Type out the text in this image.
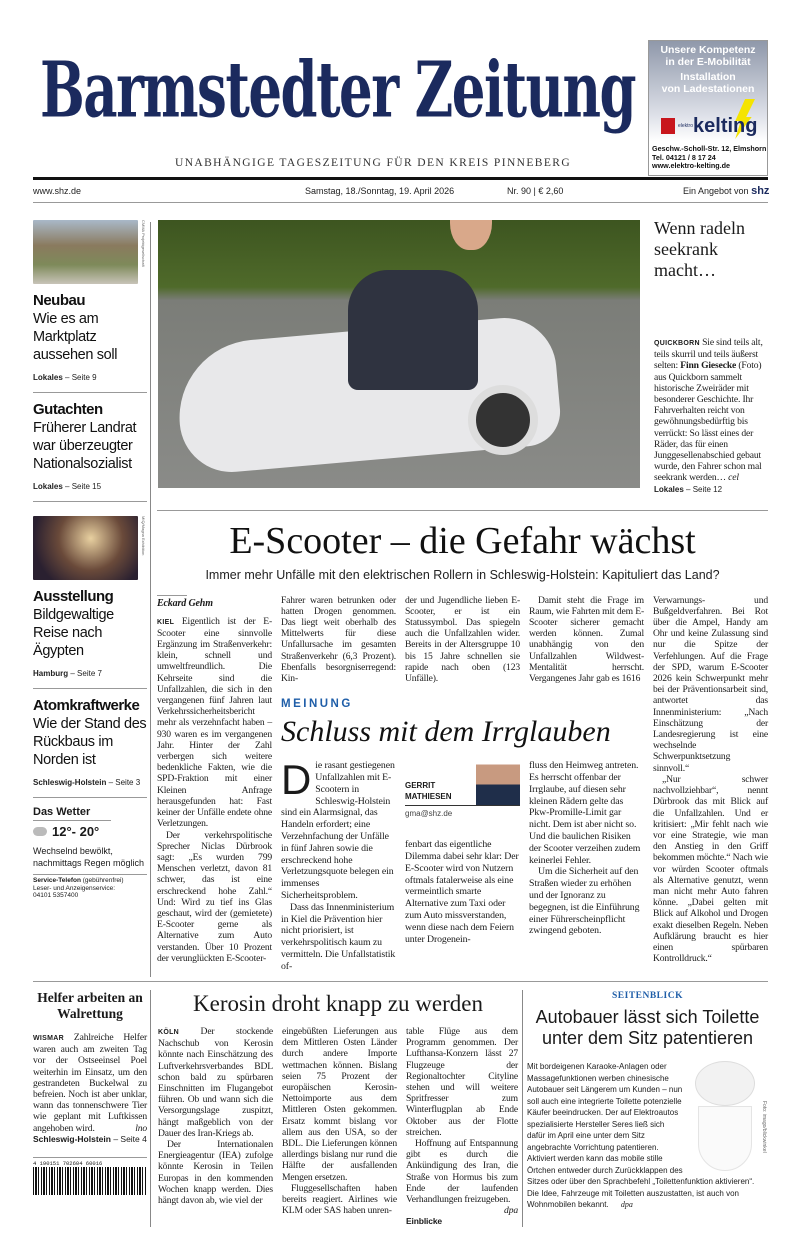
Barmstedter Zeitung
UNABHÄNGIGE TAGESZEITUNG FÜR DEN KREIS PINNEBERG
Unsere Kompetenz
in der E-Mobilität
Installation
von Ladestationen
$^{elektro}$kelting
Geschw.-Scholl-Str. 12, Elmshorn
Tel. 04121 / 8 17 24
www.elektro-kelting.de
www.shz.de	Samstag, 18./Sonntag, 19. April 2026	Nr. 90 | € 2,60	Ein Angebot von shz
CMMA Projektgesellschaft
Neubau
Wie es am Marktplatz aussehen soll
Lokales – Seite 9
Gutachten
Früherer Landrat war überzeugter Nationalsozialist
Lokales – Seite 15
MIQ/Magna Exhibition
Ausstellung
Bildgewaltige Reise nach Ägypten
Hamburg – Seite 7
Atomkraftwerke
Wie der Stand des Rückbaus im Norden ist
Schleswig-Holstein – Seite 3
Das Wetter
12°- 20°
Wechselnd bewölkt, nachmittags Regen möglich
Service-Telefon (gebührenfrei)
Leser- und Anzeigenservice:
04101 5357400
Wenn radeln seekrank macht…
QUICKBORN Sie sind teils alt, teils skurril und teils äußerst selten: Finn Giesecke (Foto) aus Quickborn sammelt historische Zweiräder mit besonderer Geschichte. Ihr Fahrverhalten reicht von gewöhnungsbedürftig bis verrückt: So lässt eines der Räder, das für einen Junggesellenabschied gebaut wurde, den Fahrer schon mal seekrank werden… cel
Lokales – Seite 12
E-Scooter – die Gefahr wächst
Immer mehr Unfälle mit den elektrischen Rollern in Schleswig-Holstein: Kapituliert das Land?
Eckard Gehm

KIEL Eigentlich ist der E-Scooter eine sinnvolle Ergänzung im Straßenverkehr: klein, schnell und umweltfreundlich. Die Kehrseite sind die Unfallzahlen, die sich in den vergangenen fünf Jahren laut Verkehrssicherheitsbericht mehr als verzehnfacht haben – 930 waren es im vergangenen Jahr. Hinter der Zahl verbergen sich weitere bedenkliche Fakten, wie die SPD-Fraktion mit einer Kleinen Anfrage herausgefunden hat: Fast keiner der Unfälle endete ohne Verletzungen.

Der verkehrspolitische Sprecher Niclas Dürbrook sagt: „Es wurden 799 Menschen verletzt, davon 81 schwer, das ist eine erschreckend hohe Zahl.“ Und: Wird zu tief ins Glas geschaut, wird der (gemietete) E-Scooter gerne als Alternative zum Auto verstanden. Über 10 Prozent der verunglückten E-Scooter-

Fahrer waren betrunken oder hatten Drogen genommen. Das liegt weit oberhalb des Mittelwerts für diese Unfallursache im gesamten Straßenverkehr (6,3 Prozent). Ebenfalls besorgniserregend: Kin-
der und Jugendliche lieben E-Scooter, er ist ein Statussymbol. Das spiegeln auch die Unfallzahlen wider. Bereits in der Altersgruppe 10 bis 15 Jahre schnellen sie rapide nach oben (123 Unfälle).
Damit steht die Frage im Raum, wie Fahrten mit dem E-Scooter sicherer gemacht werden können. Zumal unabhängig von den Unfallzahlen Wildwest-Mentalität herrscht. Vergangenes Jahr gab es 1616
MEINUNG
Schluss mit dem Irrglauben

Die rasant gestiegenen Unfallzahlen mit E-Scootern in Schleswig-Holstein sind ein Alarmsignal, das Handeln erfordert; eine Verzehnfachung der Unfälle in fünf Jahren sowie die erschreckend hohe Verletzungsquote belegen ein immenses Sicherheitsproblem.

Dass das Innenministerium in Kiel die Prävention hier nicht priorisiert, ist verkehrspolitisch kaum zu vermitteln. Die Unfallstatistik of-

GERRIT
MATHIESEN
gma@shz.de
fenbart das eigentliche Dilemma dabei sehr klar: Der E-Scooter wird von Nutzern oftmals fatalerweise als eine vermeintlich smarte Alternative zum Taxi oder zum Auto missverstanden, wenn diese nach dem Feiern unter Drogenein-

fluss den Heimweg antreten. Es herrscht offenbar der Irrglaube, auf diesen sehr kleinen Rädern gelte das Pkw-Promille-Limit gar nicht. Dem ist aber nicht so. Und die baulichen Risiken der Scooter verzeihen zudem keinerlei Fehler.

Um die Sicherheit auf den Straßen wieder zu erhöhen und der Ignoranz zu begegnen, ist die Einführung einer Führerscheinpflicht zwingend geboten.

Verwarnungs- und Bußgeldverfahren. Bei Rot über die Ampel, Handy am Ohr und keine Zulassung sind nur die Spitze der Verfehlungen. Auf die Frage der SPD, warum E-Scooter 2026 kein Schwerpunkt mehr bei der Präventionsarbeit sind, antwortet das Innenministerium: „Nach Einschätzung der Landesregierung ist eine wechselnde Schwerpunktsetzung sinnvoll.“

„Nur schwer nachvollziehbar“, nennt Dürbrook das mit Blick auf die Unfallzahlen. Und er kritisiert: „Mir fehlt nach wie vor eine Strategie, wie man den Anstieg in den Griff bekommen möchte.“ Nach wie vor würden Scooter oftmals als Alternative genutzt, wenn man nicht mehr Auto fahren könne. „Dabei gelten mit Blick auf Alkohol und Drogen exakt dieselben Regeln. Neben Aufklärung braucht es hier einen spürbaren Kontrolldruck.“

Helfer arbeiten an Walrettung
WISMAR Zahlreiche Helfer waren auch am zweiten Tag vor der Ostseeinsel Poel weiterhin im Einsatz, um den gestrandeten Buckelwal zu befreien. Noch ist aber unklar, wann das tonnenschwere Tier wie geplant mit Luftkissen angehoben wird.	lno
Schleswig-Holstein – Seite 4
4 190151 702604 60016
Kerosin droht knapp zu werden

KÖLN Der stockende Nachschub von Kerosin könnte nach Einschätzung des Luftverkehrsverbandes BDL schon bald zu spürbaren Einschnitten im Flugangebot führen. Ob und wann sich die Versorgungslage zuspitzt, hängt maßgeblich von der Dauer des Iran-Kriegs ab.

Der Internationalen Energieagentur (IEA) zufolge könnte Kerosin in Teilen Europas in den kommenden Wochen knapp werden. Dies hängt davon ab, wie viel der

eingebüßten Lieferungen aus dem Mittleren Osten Länder durch andere Importe wettmachen können. Bislang seien 75 Prozent der europäischen Kerosin-Nettoimporte aus dem Mittleren Osten gekommen. Ersatz kommt bislang vor allem aus den USA, so der BDL. Die Lieferungen können allerdings bislang nur rund die Hälfte der ausfallenden Mengen ersetzen.

Fluggesellschaften haben bereits reagiert. Airlines wie KLM oder SAS haben unren-

table Flüge aus dem Programm genommen. Der Lufthansa-Konzern lässt 27 Flugzeuge der Regionaltochter Cityline stehen und will weitere Spritfresser zum Winterflugplan ab Ende Oktober aus der Flotte streichen.

Hoffnung auf Entspannung gibt es durch die Ankündigung des Iran, die Straße von Hormus bis zum Ende der laufenden Verhandlungen freizugeben.
dpa

Einblicke
SEITENBLICK
Autobauer lässt sich Toilette unter dem Sitz patentieren
Foto: imago/blickwinkel
Mit bordeigenen Karaoke-Anlagen oder Massagefunktionen werben chinesische Autobauer seit Längerem um Kunden – nun soll auch eine integrierte Toilette potenzielle Käufer beeindrucken. Der auf Elektroautos spezialisierte Hersteller Seres ließ sich dafür im April eine unter dem Sitz angebrachte Vorrichtung patentieren. Aktiviert werden kann das mobile stille Örtchen entweder durch Zurückklappen des Sitzes oder über den Sprachbefehl „Toilettenfunktion aktivieren“. Die Idee, Fahrzeuge mit Toiletten auszustatten, ist auch von Wohnmobilen bekannt. dpa
